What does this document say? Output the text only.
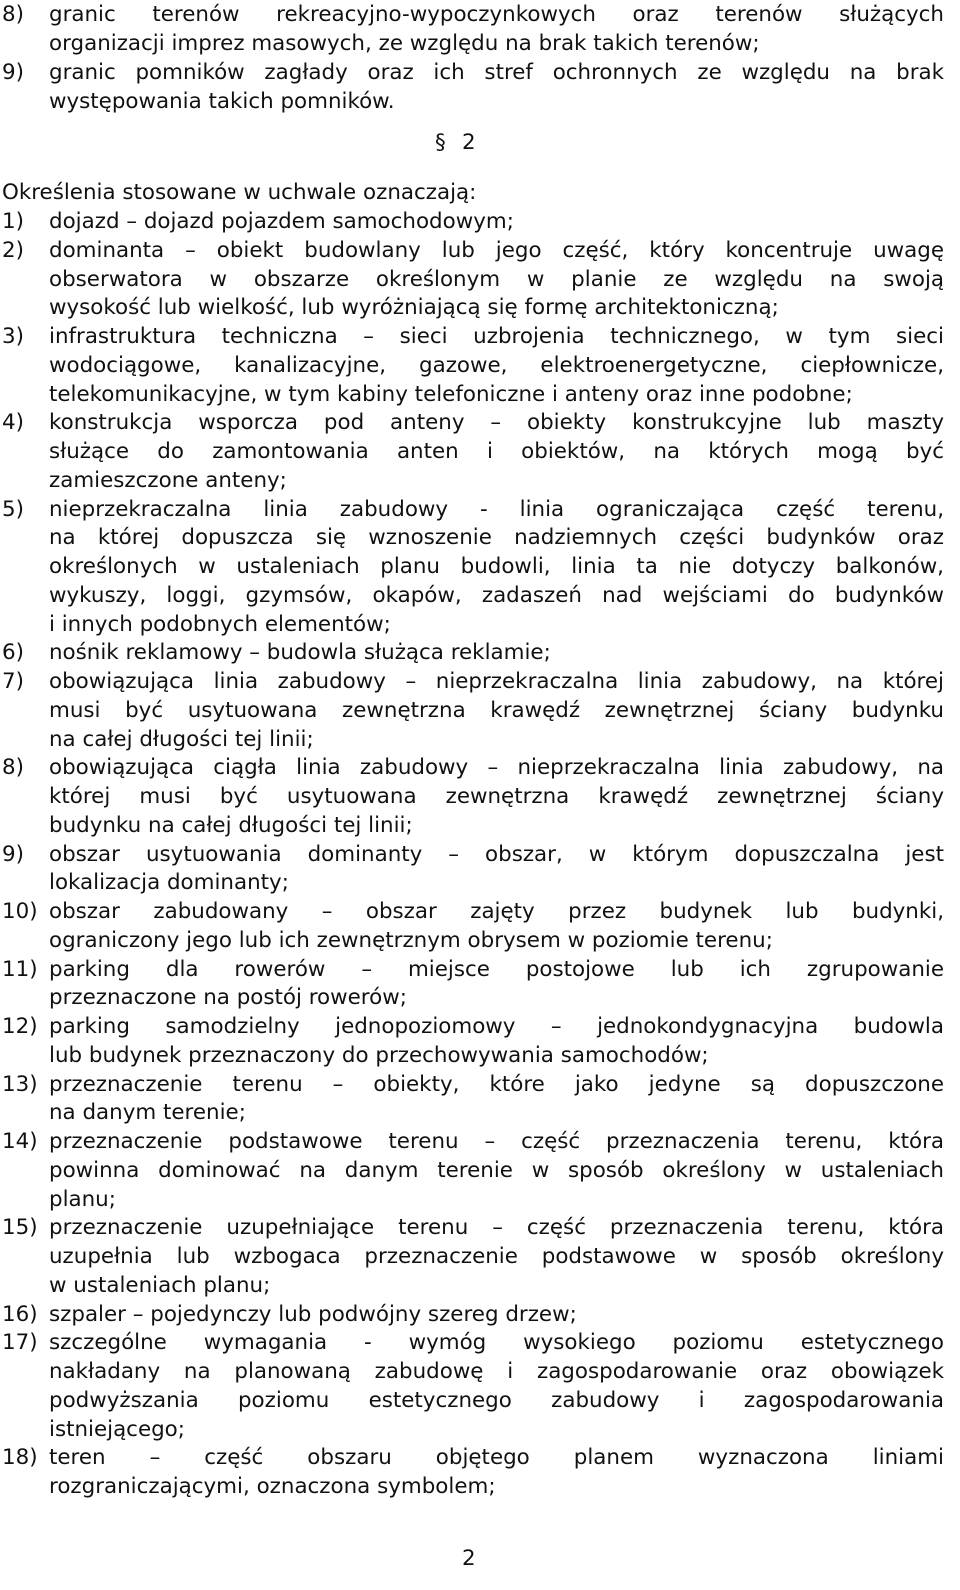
8) granic terenów rekreacyjno-wypoczynkowych oraz terenów służących
organizacji imprez masowych, ze względu na brak takich terenów;
9) granic pomników zagłady oraz ich stref ochronnych ze względu na brak
występowania takich pomników.
§ 2
Określenia stosowane w uchwale oznaczają:
1) dojazd – dojazd pojazdem samochodowym;
2) dominanta – obiekt budowlany lub jego część, który koncentruje uwagę
obserwatora w obszarze określonym w planie ze względu na swoją
wysokość lub wielkość, lub wyróżniającą się formę architektoniczną;
3) infrastruktura techniczna – sieci uzbrojenia technicznego, w tym sieci
wodociągowe, kanalizacyjne, gazowe, elektroenergetyczne, ciepłownicze,
telekomunikacyjne, w tym kabiny telefoniczne i anteny oraz inne podobne;
4) konstrukcja wsporcza pod anteny – obiekty konstrukcyjne lub maszty
służące do zamontowania anten i obiektów, na których mogą być
zamieszczone anteny;
5) nieprzekraczalna linia zabudowy - linia ograniczająca część terenu,
na której dopuszcza się wznoszenie nadziemnych części budynków oraz
określonych w ustaleniach planu budowli, linia ta nie dotyczy balkonów,
wykuszy, loggi, gzymsów, okapów, zadaszeń nad wejściami do budynków
i innych podobnych elementów;
6) nośnik reklamowy – budowla służąca reklamie;
7) obowiązująca linia zabudowy – nieprzekraczalna linia zabudowy, na której
musi być usytuowana zewnętrzna krawędź zewnętrznej ściany budynku
na całej długości tej linii;
8) obowiązująca ciągła linia zabudowy – nieprzekraczalna linia zabudowy, na
której musi być usytuowana zewnętrzna krawędź zewnętrznej ściany
budynku na całej długości tej linii;
9) obszar usytuowania dominanty – obszar, w którym dopuszczalna jest
lokalizacja dominanty;
10) obszar zabudowany – obszar zajęty przez budynek lub budynki,
ograniczony jego lub ich zewnętrznym obrysem w poziomie terenu;
11) parking dla rowerów – miejsce postojowe lub ich zgrupowanie
przeznaczone na postój rowerów;
12) parking samodzielny jednopoziomowy – jednokondygnacyjna budowla
lub budynek przeznaczony do przechowywania samochodów;
13) przeznaczenie terenu – obiekty, które jako jedyne są dopuszczone
na danym terenie;
14) przeznaczenie podstawowe terenu – część przeznaczenia terenu, która
powinna dominować na danym terenie w sposób określony w ustaleniach
planu;
15) przeznaczenie uzupełniające terenu – część przeznaczenia terenu, która
uzupełnia lub wzbogaca przeznaczenie podstawowe w sposób określony
w ustaleniach planu;
16) szpaler – pojedynczy lub podwójny szereg drzew;
17) szczególne wymagania - wymóg wysokiego poziomu estetycznego
nakładany na planowaną zabudowę i zagospodarowanie oraz obowiązek
podwyższania poziomu estetycznego zabudowy i zagospodarowania
istniejącego;
18) teren – część obszaru objętego planem wyznaczona liniami
rozgraniczającymi, oznaczona symbolem;
2
